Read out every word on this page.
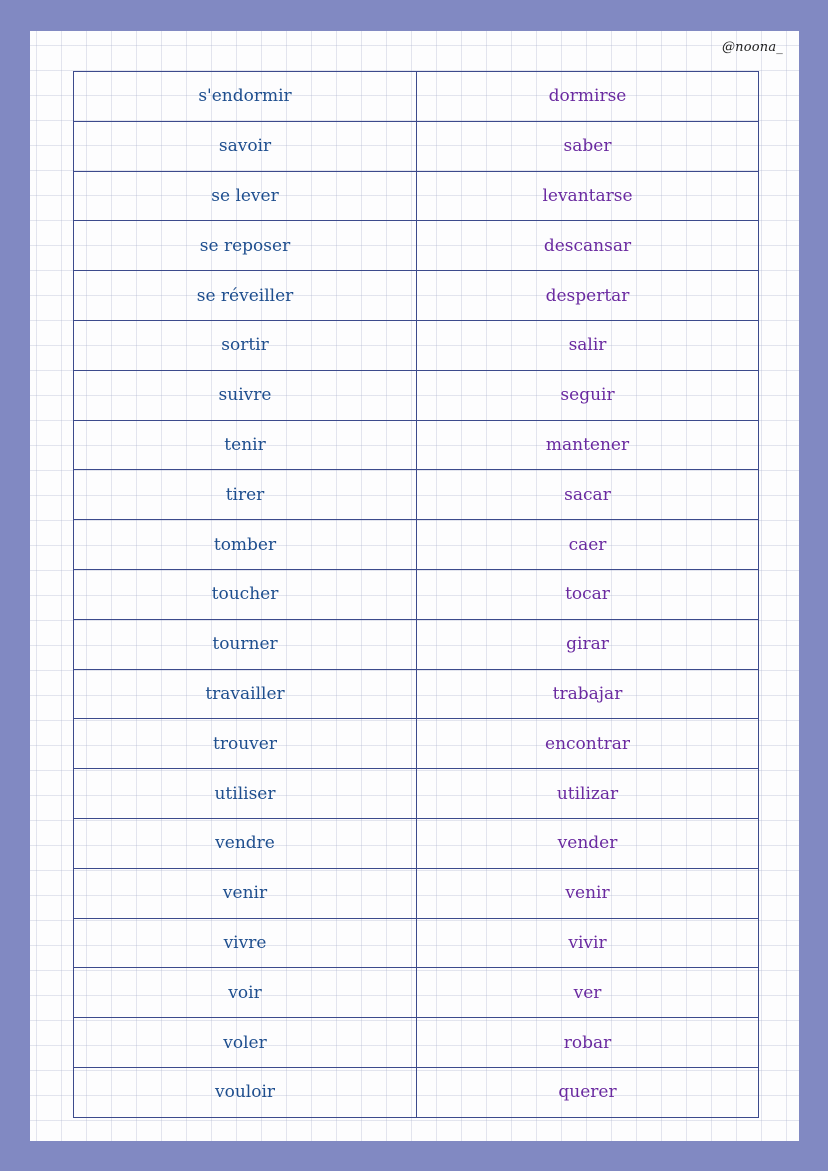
@noona_
s'endormir	dormirse
savoir	saber
se lever	levantarse
se reposer	descansar
se réveiller	despertar
sortir	salir
suivre	seguir
tenir	mantener
tirer	sacar
tomber	caer
toucher	tocar
tourner	girar
travailler	trabajar
trouver	encontrar
utiliser	utilizar
vendre	vender
venir	venir
vivre	vivir
voir	ver
voler	robar
vouloir	querer
